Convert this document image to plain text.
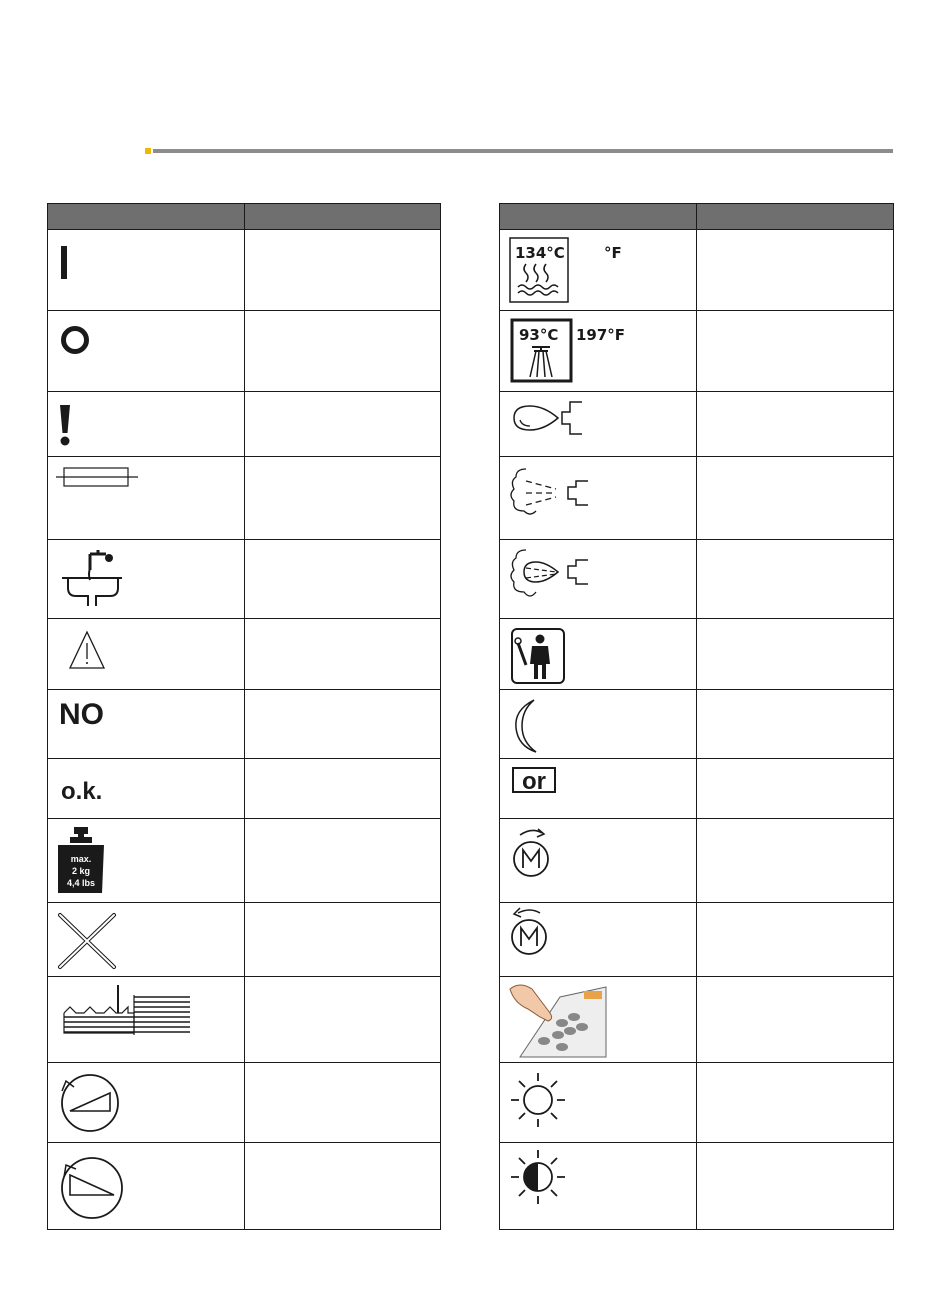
NO	

o.k.	

max.
2 kg
4,4 lbs	

134°C °F	

93°C 197°F	

or	
